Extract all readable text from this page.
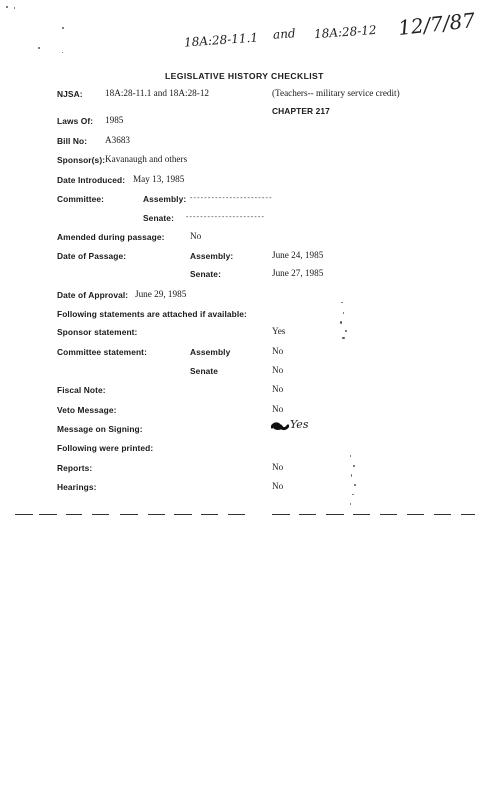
18A:28-11.1 and 18A:28-12 12/7/87
LEGISLATIVE HISTORY CHECKLIST
NJSA: 18A:28-11.1 and 18A:28-12	(Teachers-- military service credit)
CHAPTER 217
Laws Of: 1985
Bill No: A3683
Sponsor(s): Kavanaugh and others
Date Introduced: May 13, 1985
Committee:	Assembly: -----------------------
Senate: ----------------------
Amended during passage:	No
Date of Passage:	Assembly:	June 24, 1985
Senate:	June 27, 1985
Date of Approval: June 29, 1985
Following statements are attached if available:
Sponsor statement:	Yes
Committee statement:	Assembly	No
Senate	No
Fiscal Note:	No
Veto Message:	No
Message on Signing:	Yes
Following were printed:
Reports:	No
Hearings:	No
